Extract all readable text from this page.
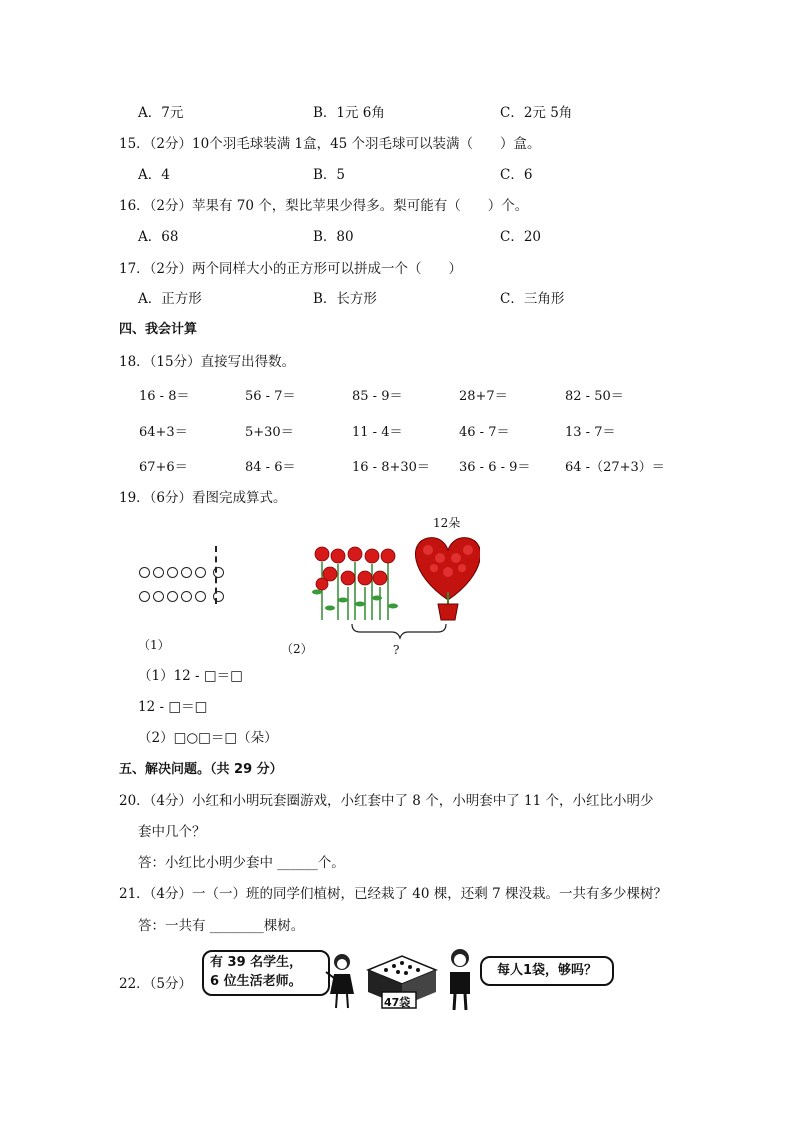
A．7元	B．1元 6角	C．2元 5角
15．（2分）10个羽毛球装满 1盒，45 个羽毛球可以装满（　　）盒。
A．4	B．5	C．6
16．（2分）苹果有 70 个，梨比苹果少得多。梨可能有（　　）个。
A．68	B．80	C．20
17．（2分）两个同样大小的正方形可以拼成一个（　　）
A．正方形	B．长方形	C．三角形
四、我会计算
18．（15分）直接写出得数。
16 - 8＝	56 - 7＝	85 - 9＝	28+7＝	82 - 50＝
64+3＝	5+30＝	11 - 4＝	46 - 7＝	13 - 7＝
67+6＝	84 - 6＝	16 - 8+30＝ 36 - 6 - 9＝	64 -（27+3）＝
19．（6分）看图完成算式。
（1）	（2）
12朵
?
（1）12 - □＝□
12 - □＝□
（2）□○□＝□（朵）
五、解决问题。（共 29 分）
20．（4分）小红和小明玩套圈游戏，小红套中了 8 个，小明套中了 11 个，小红比小明少
套中几个？
答：小红比小明少套中 ______个。
21．（4分）一（一）班的同学们植树，已经栽了 40 棵，还剩 7 棵没栽。一共有多少棵树？
答：一共有 ________棵树。
22．（5分）
有 39 名学生，
6 位生活老师。
47袋
每人1袋，够吗？
